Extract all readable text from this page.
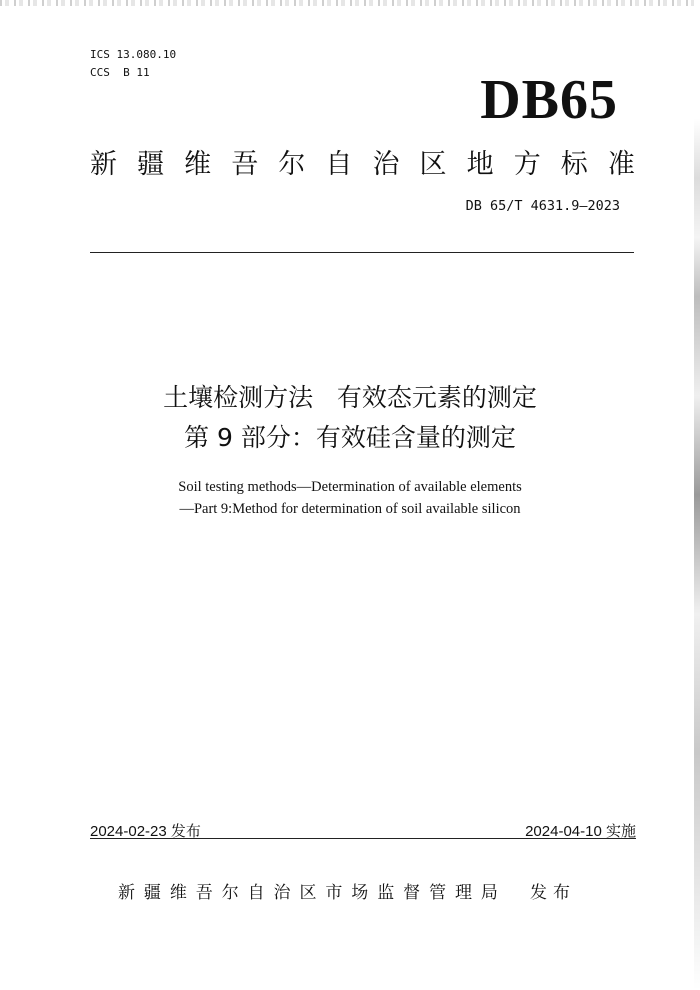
ICS 13.080.10
CCS  B 11	DB65
新 疆 维 吾 尔 自 治 区 地 方 标 准
DB 65/T 4631.9—2023
土壤检测方法   有效态元素的测定
第 9 部分：有效硅含量的测定
Soil testing methods—Determination of available elements
—Part 9:Method for determination of soil available silicon
2024-02-23 发布	2024-04-10 实施
新 疆 维 吾 尔 自 治 区 市 场 监 督 管 理 局 发 布
